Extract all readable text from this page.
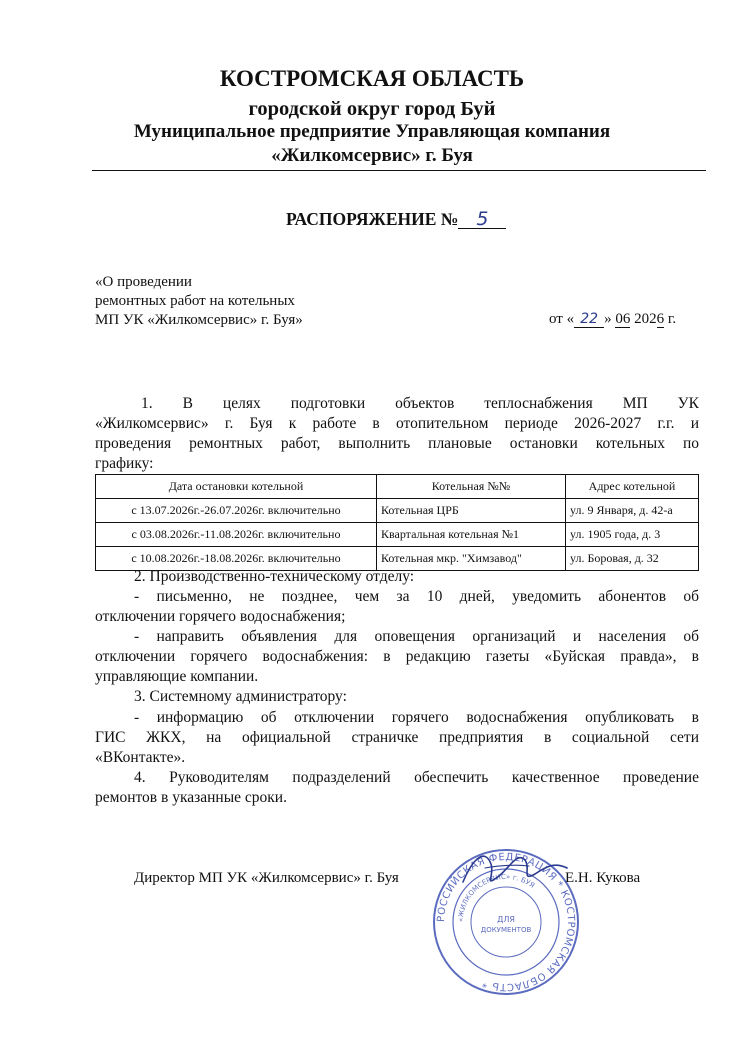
КОСТРОМСКАЯ ОБЛАСТЬ
городской округ город Буй
Муниципальное предприятие Управляющая компания
«Жилкомсервис» г. Буя
РАСПОРЯЖЕНИЕ № 5
«О проведении
ремонтных работ на котельных
МП УК «Жилкомсервис» г. Буя»	от « 22 » 06 2026 г.
1. В целях подготовки объектов теплоснабжения МП УК
«Жилкомсервис» г. Буя к работе в отопительном периоде 2026-2027 г.г. и
проведения ремонтных работ, выполнить плановые остановки котельных по
графику:
Дата остановки котельной	Котельная №№	Адрес котельной
с 13.07.2026г.-26.07.2026г. включительно	Котельная ЦРБ	ул. 9 Января, д. 42-а
с 03.08.2026г.-11.08.2026г. включительно	Квартальная котельная №1	ул. 1905 года, д. 3
с 10.08.2026г.-18.08.2026г. включительно	Котельная мкр. "Химзавод"	ул. Боровая, д. 32
2. Производственно-техническому отделу:
- письменно, не позднее, чем за 10 дней, уведомить абонентов об
отключении горячего водоснабжения;
- направить объявления для оповещения организаций и населения об
отключении горячего водоснабжения: в редакцию газеты «Буйская правда», в
управляющие компании.
3. Системному администратору:
- информацию об отключении горячего водоснабжения опубликовать в
ГИС ЖКХ, на официальной страничке предприятия в социальной сети
«ВКонтакте».
4. Руководителям подразделений обеспечить качественное проведение
ремонтов в указанные сроки.
РОССИЙСКАЯ ФЕДЕРАЦИЯ * КОСТРОМСКАЯ ОБЛАСТЬ *
«ЖИЛКОМСЕРВИС» г. БУЯ
ДЛЯ
ДОКУМЕНТОВ
Директор МП УК «Жилкомсервис» г. Буя	Е.Н. Кукова
